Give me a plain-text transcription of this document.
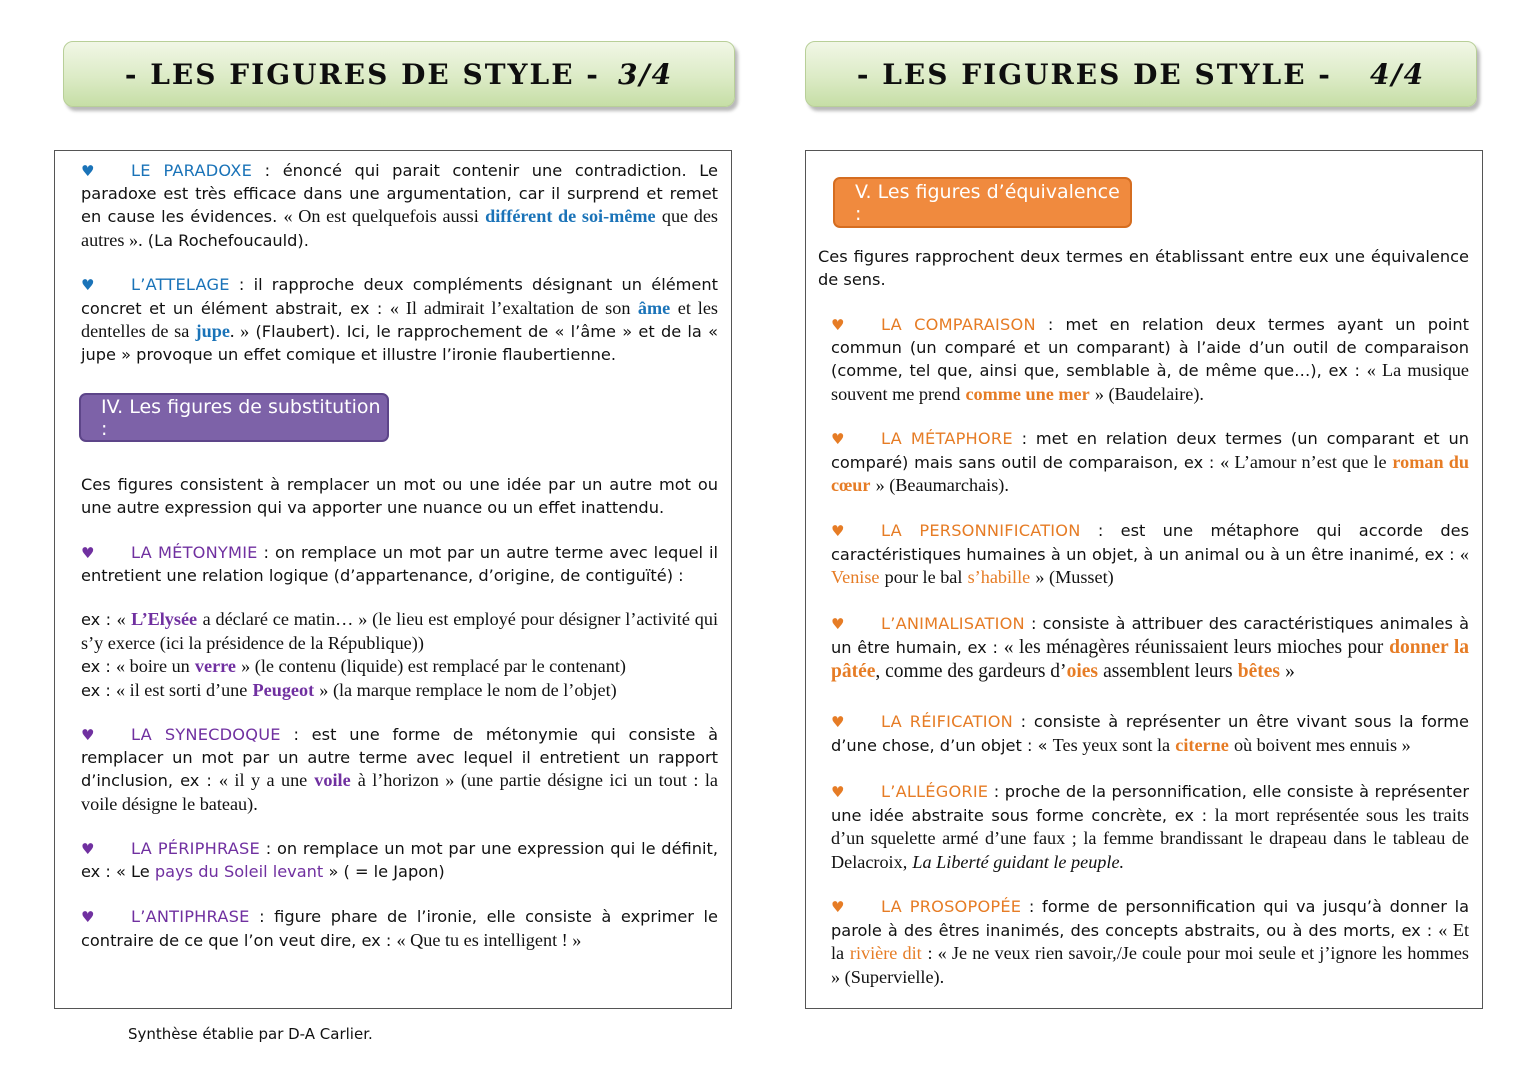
- LES FIGURES DE STYLE - 3/4

♥ LE PARADOXE : énoncé qui parait contenir une contradiction. Le paradoxe est très efficace dans une argumentation, car il surprend et remet en cause les évidences. « On est quelquefois aussi différent de soi-même que des autres ». (La Rochefoucauld).

♥ L’ATTELAGE : il rapproche deux compléments désignant un élément concret et un élément abstrait, ex : « Il admirait l’exaltation de son âme et les dentelles de sa jupe. » (Flaubert). Ici, le rapprochement de « l’âme » et de la « jupe » provoque un effet comique et illustre l’ironie flaubertienne.

IV. Les figures de substitution :

Ces figures consistent à remplacer un mot ou une idée par un autre mot ou une autre expression qui va apporter une nuance ou un effet inattendu.

♥ LA MÉTONYMIE : on remplace un mot par un autre terme avec lequel il entretient une relation logique (d’appartenance, d’origine, de contiguïté) :

ex : « L’Elysée a déclaré ce matin… » (le lieu est employé pour désigner l’activité qui s’y exerce (ici la présidence de la République))
ex : « boire un verre » (le contenu (liquide) est remplacé par le contenant)
ex : « il est sorti d’une Peugeot » (la marque remplace le nom de l’objet)

♥ LA SYNECDOQUE : est une forme de métonymie qui consiste à remplacer un mot par un autre terme avec lequel il entretient un rapport d’inclusion, ex : « il y a une voile à l’horizon » (une partie désigne ici un tout : la voile désigne le bateau).

♥ LA PÉRIPHRASE : on remplace un mot par une expression qui le définit, ex : « Le pays du Soleil levant » ( = le Japon)

♥ L’ANTIPHRASE : figure phare de l’ironie, elle consiste à exprimer le contraire de ce que l’on veut dire, ex : « Que tu es intelligent ! »

Synthèse établie par D-A Carlier.
- LES FIGURES DE STYLE - 4/4
V. Les figures d’équivalence :

Ces figures rapprochent deux termes en établissant entre eux une équivalence de sens.

♥ LA COMPARAISON : met en relation deux termes ayant un point commun (un comparé et un comparant) à l’aide d’un outil de comparaison (comme, tel que, ainsi que, semblable à, de même que…), ex : « La musique souvent me prend comme une mer » (Baudelaire).

♥ LA MÉTAPHORE : met en relation deux termes (un comparant et un comparé) mais sans outil de comparaison, ex : « L’amour n’est que le roman du cœur » (Beaumarchais).

♥ LA PERSONNIFICATION : est une métaphore qui accorde des caractéristiques humaines à un objet, à un animal ou à un être inanimé, ex : « Venise pour le bal s’habille » (Musset)

♥ L’ANIMALISATION : consiste à attribuer des caractéristiques animales à un être humain, ex : « les ménagères réunissaient leurs mioches pour donner la pâtée, comme des gardeurs d’oies assemblent leurs bêtes »

♥ LA RÉIFICATION : consiste à représenter un être vivant sous la forme d’une chose, d’un objet : « Tes yeux sont la citerne où boivent mes ennuis »

♥ L’ALLÉGORIE : proche de la personnification, elle consiste à représenter une idée abstraite sous forme concrète, ex : la mort représentée sous les traits d’un squelette armé d’une faux ; la femme brandissant le drapeau dans le tableau de Delacroix, La Liberté guidant le peuple.

♥ LA PROSOPOPÉE : forme de personnification qui va jusqu’à donner la parole à des êtres inanimés, des concepts abstraits, ou à des morts, ex : « Et la rivière dit : « Je ne veux rien savoir,/Je coule pour moi seule et j’ignore les hommes » (Supervielle).
